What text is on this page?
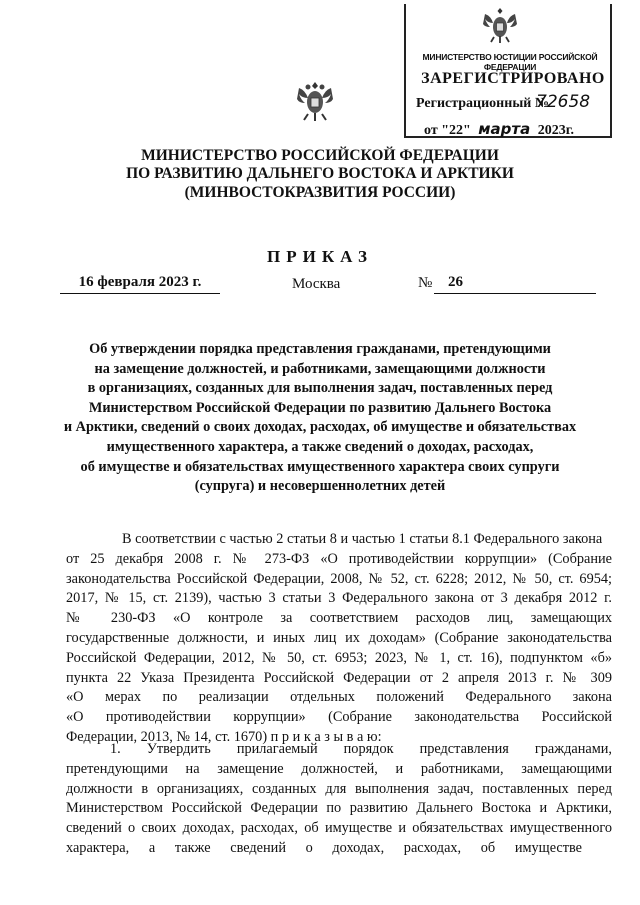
МИНИСТЕРСТВО ЮСТИЦИИ РОССИЙСКОЙ ФЕДЕРАЦИИ
ЗАРЕГИСТРИРОВАНО
Регистрационный №
72658
от "22" марта 2023г.
МИНИСТЕРСТВО РОССИЙСКОЙ ФЕДЕРАЦИИ
ПО РАЗВИТИЮ ДАЛЬНЕГО ВОСТОКА И АРКТИКИ
(МИНВОСТОКРАЗВИТИЯ РОССИИ)
ПРИКАЗ
16 февраля 2023 г.	Москва	№	26
Об утверждении порядка представления гражданами, претендующими
на замещение должностей, и работниками, замещающими должности
в организациях, созданных для выполнения задач, поставленных перед
Министерством Российской Федерации по развитию Дальнего Востока
и Арктики, сведений о своих доходах, расходах, об имуществе и обязательствах
имущественного характера, а также сведений о доходах, расходах,
об имуществе и обязательствах имущественного характера своих супруги
(супруга) и несовершеннолетних детей
В соответствии с частью 2 статьи 8 и частью 1 статьи 8.1 Федерального закона
от 25 декабря 2008 г. № 273-ФЗ «О противодействии коррупции» (Собрание
законодательства Российской Федерации, 2008, № 52, ст. 6228; 2012, № 50, ст. 6954;
2017, № 15, ст. 2139), частью 3 статьи 3 Федерального закона от 3 декабря 2012 г.
№ 230-ФЗ «О контроле за соответствием расходов лиц, замещающих
государственные должности, и иных лиц их доходам» (Собрание законодательства
Российской Федерации, 2012, № 50, ст. 6953; 2023, № 1, ст. 16), подпунктом «б»
пункта 22 Указа Президента Российской Федерации от 2 апреля 2013 г. № 309
«О мерах по реализации отдельных положений Федерального закона
«О противодействии коррупции» (Собрание законодательства Российской
Федерации, 2013, № 14, ст. 1670) п р и к а з ы в а ю:
1. Утвердить прилагаемый порядок представления гражданами,
претендующими на замещение должностей, и работниками, замещающими
должности в организациях, созданных для выполнения задач, поставленных перед
Министерством Российской Федерации по развитию Дальнего Востока и Арктики,
сведений о своих доходах, расходах, об имуществе и обязательствах имущественного
характера, а также сведений о доходах, расходах, об имуществе
